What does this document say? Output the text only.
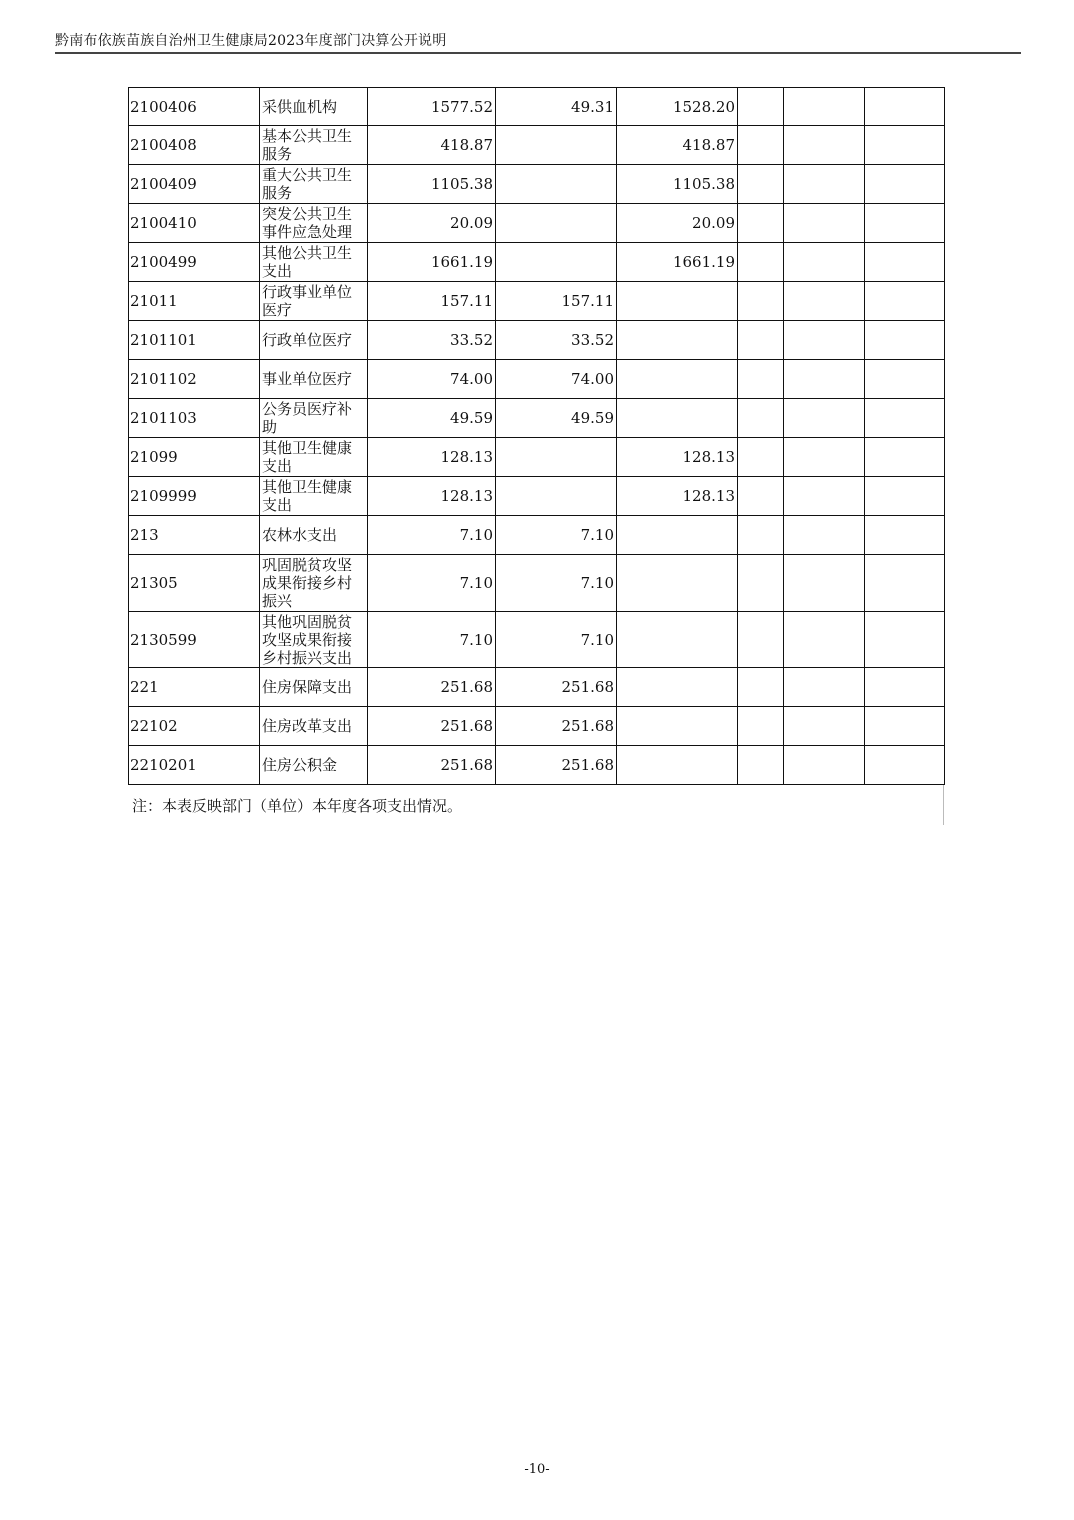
黔南布依族苗族自治州卫生健康局2023年度部门决算公开说明
2100406	采供血机构	1577.52	49.31	1528.20			
2100408	基本公共卫生服务	418.87		418.87			
2100409	重大公共卫生服务	1105.38		1105.38			
2100410	突发公共卫生事件应急处理	20.09		20.09			
2100499	其他公共卫生支出	1661.19		1661.19			
21011	行政事业单位医疗	157.11	157.11				
2101101	行政单位医疗	33.52	33.52				
2101102	事业单位医疗	74.00	74.00				
2101103	公务员医疗补助	49.59	49.59				
21099	其他卫生健康支出	128.13		128.13			
2109999	其他卫生健康支出	128.13		128.13			
213	农林水支出	7.10	7.10				
21305	巩固脱贫攻坚成果衔接乡村振兴	7.10	7.10				
2130599	其他巩固脱贫攻坚成果衔接乡村振兴支出	7.10	7.10				
221	住房保障支出	251.68	251.68				
22102	住房改革支出	251.68	251.68				
2210201	住房公积金	251.68	251.68				
注：本表反映部门（单位）本年度各项支出情况。
-10-
